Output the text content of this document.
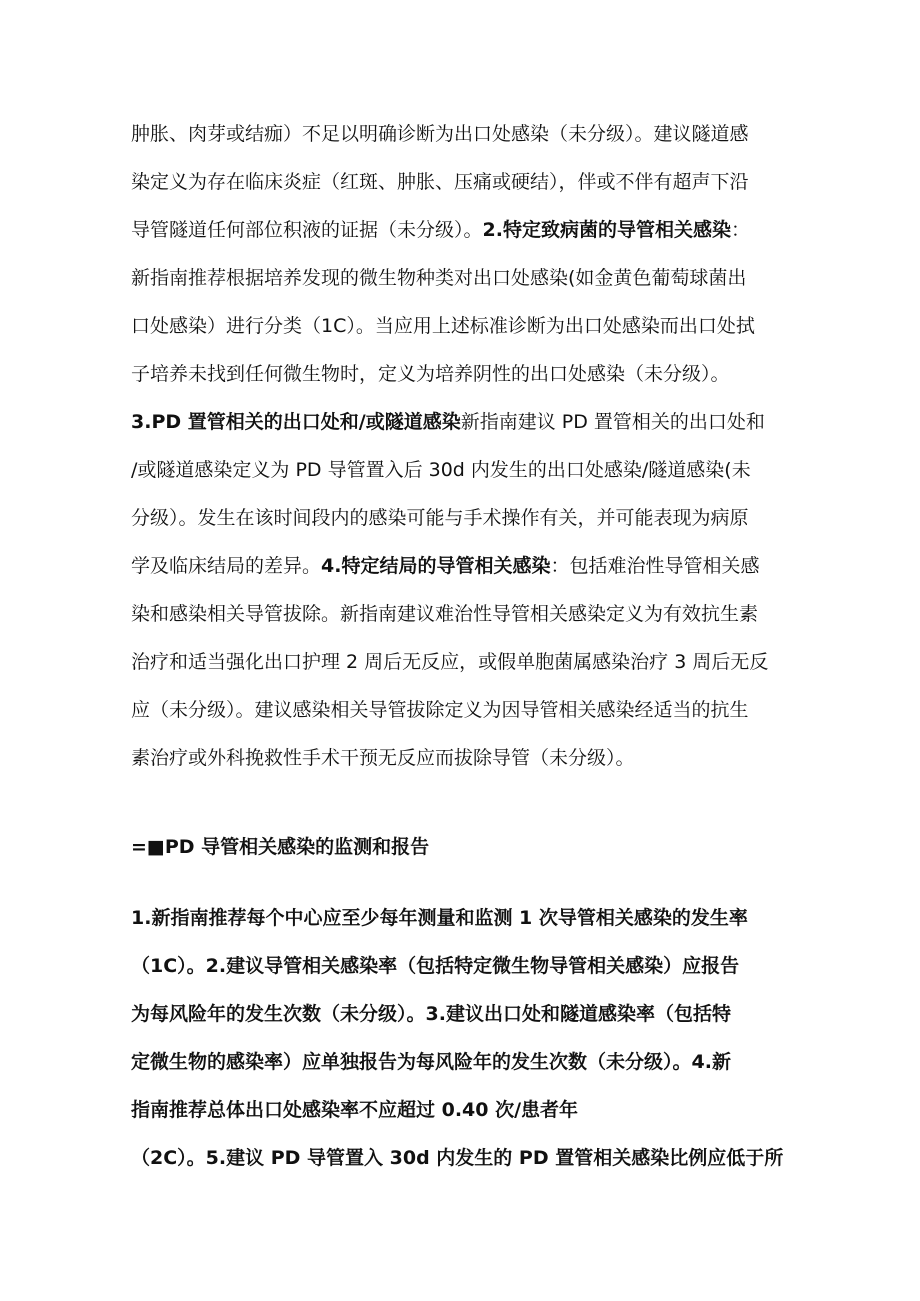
肿胀、肉芽或结痂）不足以明确诊断为出口处感染（未分级）。建议隧道感
染定义为存在临床炎症（红斑、肿胀、压痛或硬结），伴或不伴有超声下沿
导管隧道任何部位积液的证据（未分级）。2.特定致病菌的导管相关感染：
新指南推荐根据培养发现的微生物种类对出口处感染(如金黄色葡萄球菌出
口处感染）进行分类（1C）。当应用上述标准诊断为出口处感染而出口处拭
子培养未找到任何微生物时，定义为培养阴性的出口处感染（未分级）。
3.PD 置管相关的出口处和/或隧道感染新指南建议 PD 置管相关的出口处和
/或隧道感染定义为 PD 导管置入后 30d 内发生的出口处感染/隧道感染(未
分级）。发生在该时间段内的感染可能与手术操作有关，并可能表现为病原
学及临床结局的差异。4.特定结局的导管相关感染：包括难治性导管相关感
染和感染相关导管拔除。新指南建议难治性导管相关感染定义为有效抗生素
治疗和适当强化出口护理 2 周后无反应，或假单胞菌属感染治疗 3 周后无反
应（未分级）。建议感染相关导管拔除定义为因导管相关感染经适当的抗生
素治疗或外科挽救性手术干预无反应而拔除导管（未分级）。
=■PD 导管相关感染的监测和报告
1.新指南推荐每个中心应至少每年测量和监测 1 次导管相关感染的发生率
（1C）。2.建议导管相关感染率（包括特定微生物导管相关感染）应报告
为每风险年的发生次数（未分级）。3.建议出口处和隧道感染率（包括特
定微生物的感染率）应单独报告为每风险年的发生次数（未分级）。4.新
指南推荐总体出口处感染率不应超过 0.40 次/患者年
（2C）。5.建议 PD 导管置入 30d 内发生的 PD 置管相关感染比例应低于所
